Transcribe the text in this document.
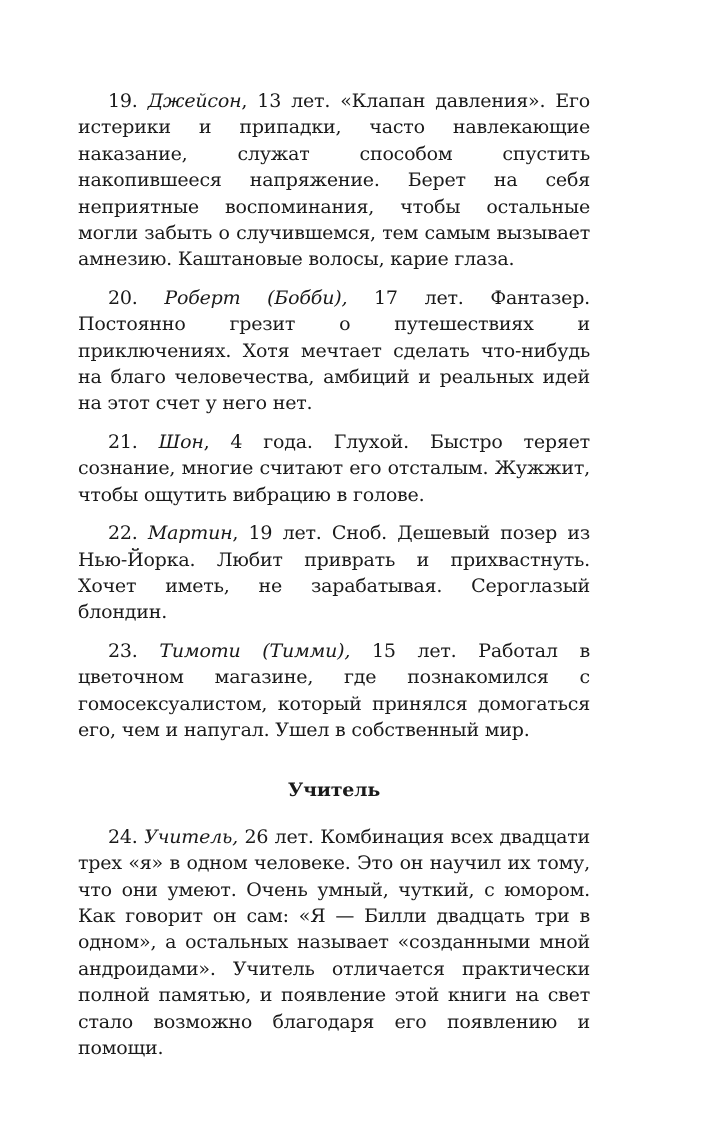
19. Джейсон, 13 лет. «Клапан давления». Его истерики и припадки, часто навлекающие наказание, служат способом спустить накопившееся напряжение. Берет на себя неприятные воспоминания, чтобы остальные могли забыть о случившемся, тем самым вызывает амнезию. Каштановые волосы, карие глаза.

20. Роберт (Бобби), 17 лет. Фантазер. Постоянно грезит о путешествиях и приключениях. Хотя мечтает сделать что-нибудь на благо человечества, амбиций и реальных идей на этот счет у него нет.

21. Шон, 4 года. Глухой. Быстро теряет сознание, многие считают его отсталым. Жужжит, чтобы ощутить вибрацию в голове.

22. Мартин, 19 лет. Сноб. Дешевый позер из Нью-Йорка. Любит приврать и прихвастнуть. Хочет иметь, не зарабатывая. Сероглазый блондин.

23. Тимоти (Тимми), 15 лет. Работал в цветочном магазине, где познакомился с гомосексуалистом, который принялся домогаться его, чем и напугал. Ушел в собственный мир.

Учитель

24. Учитель, 26 лет. Комбинация всех двадцати трех «я» в одном человеке. Это он научил их тому, что они умеют. Очень умный, чуткий, с юмором. Как говорит он сам: «Я — Билли двадцать три в одном», а остальных называет «созданными мной андроидами». Учитель отличается практически полной памятью, и появление этой книги на свет стало возможно благодаря его появлению и помощи.
